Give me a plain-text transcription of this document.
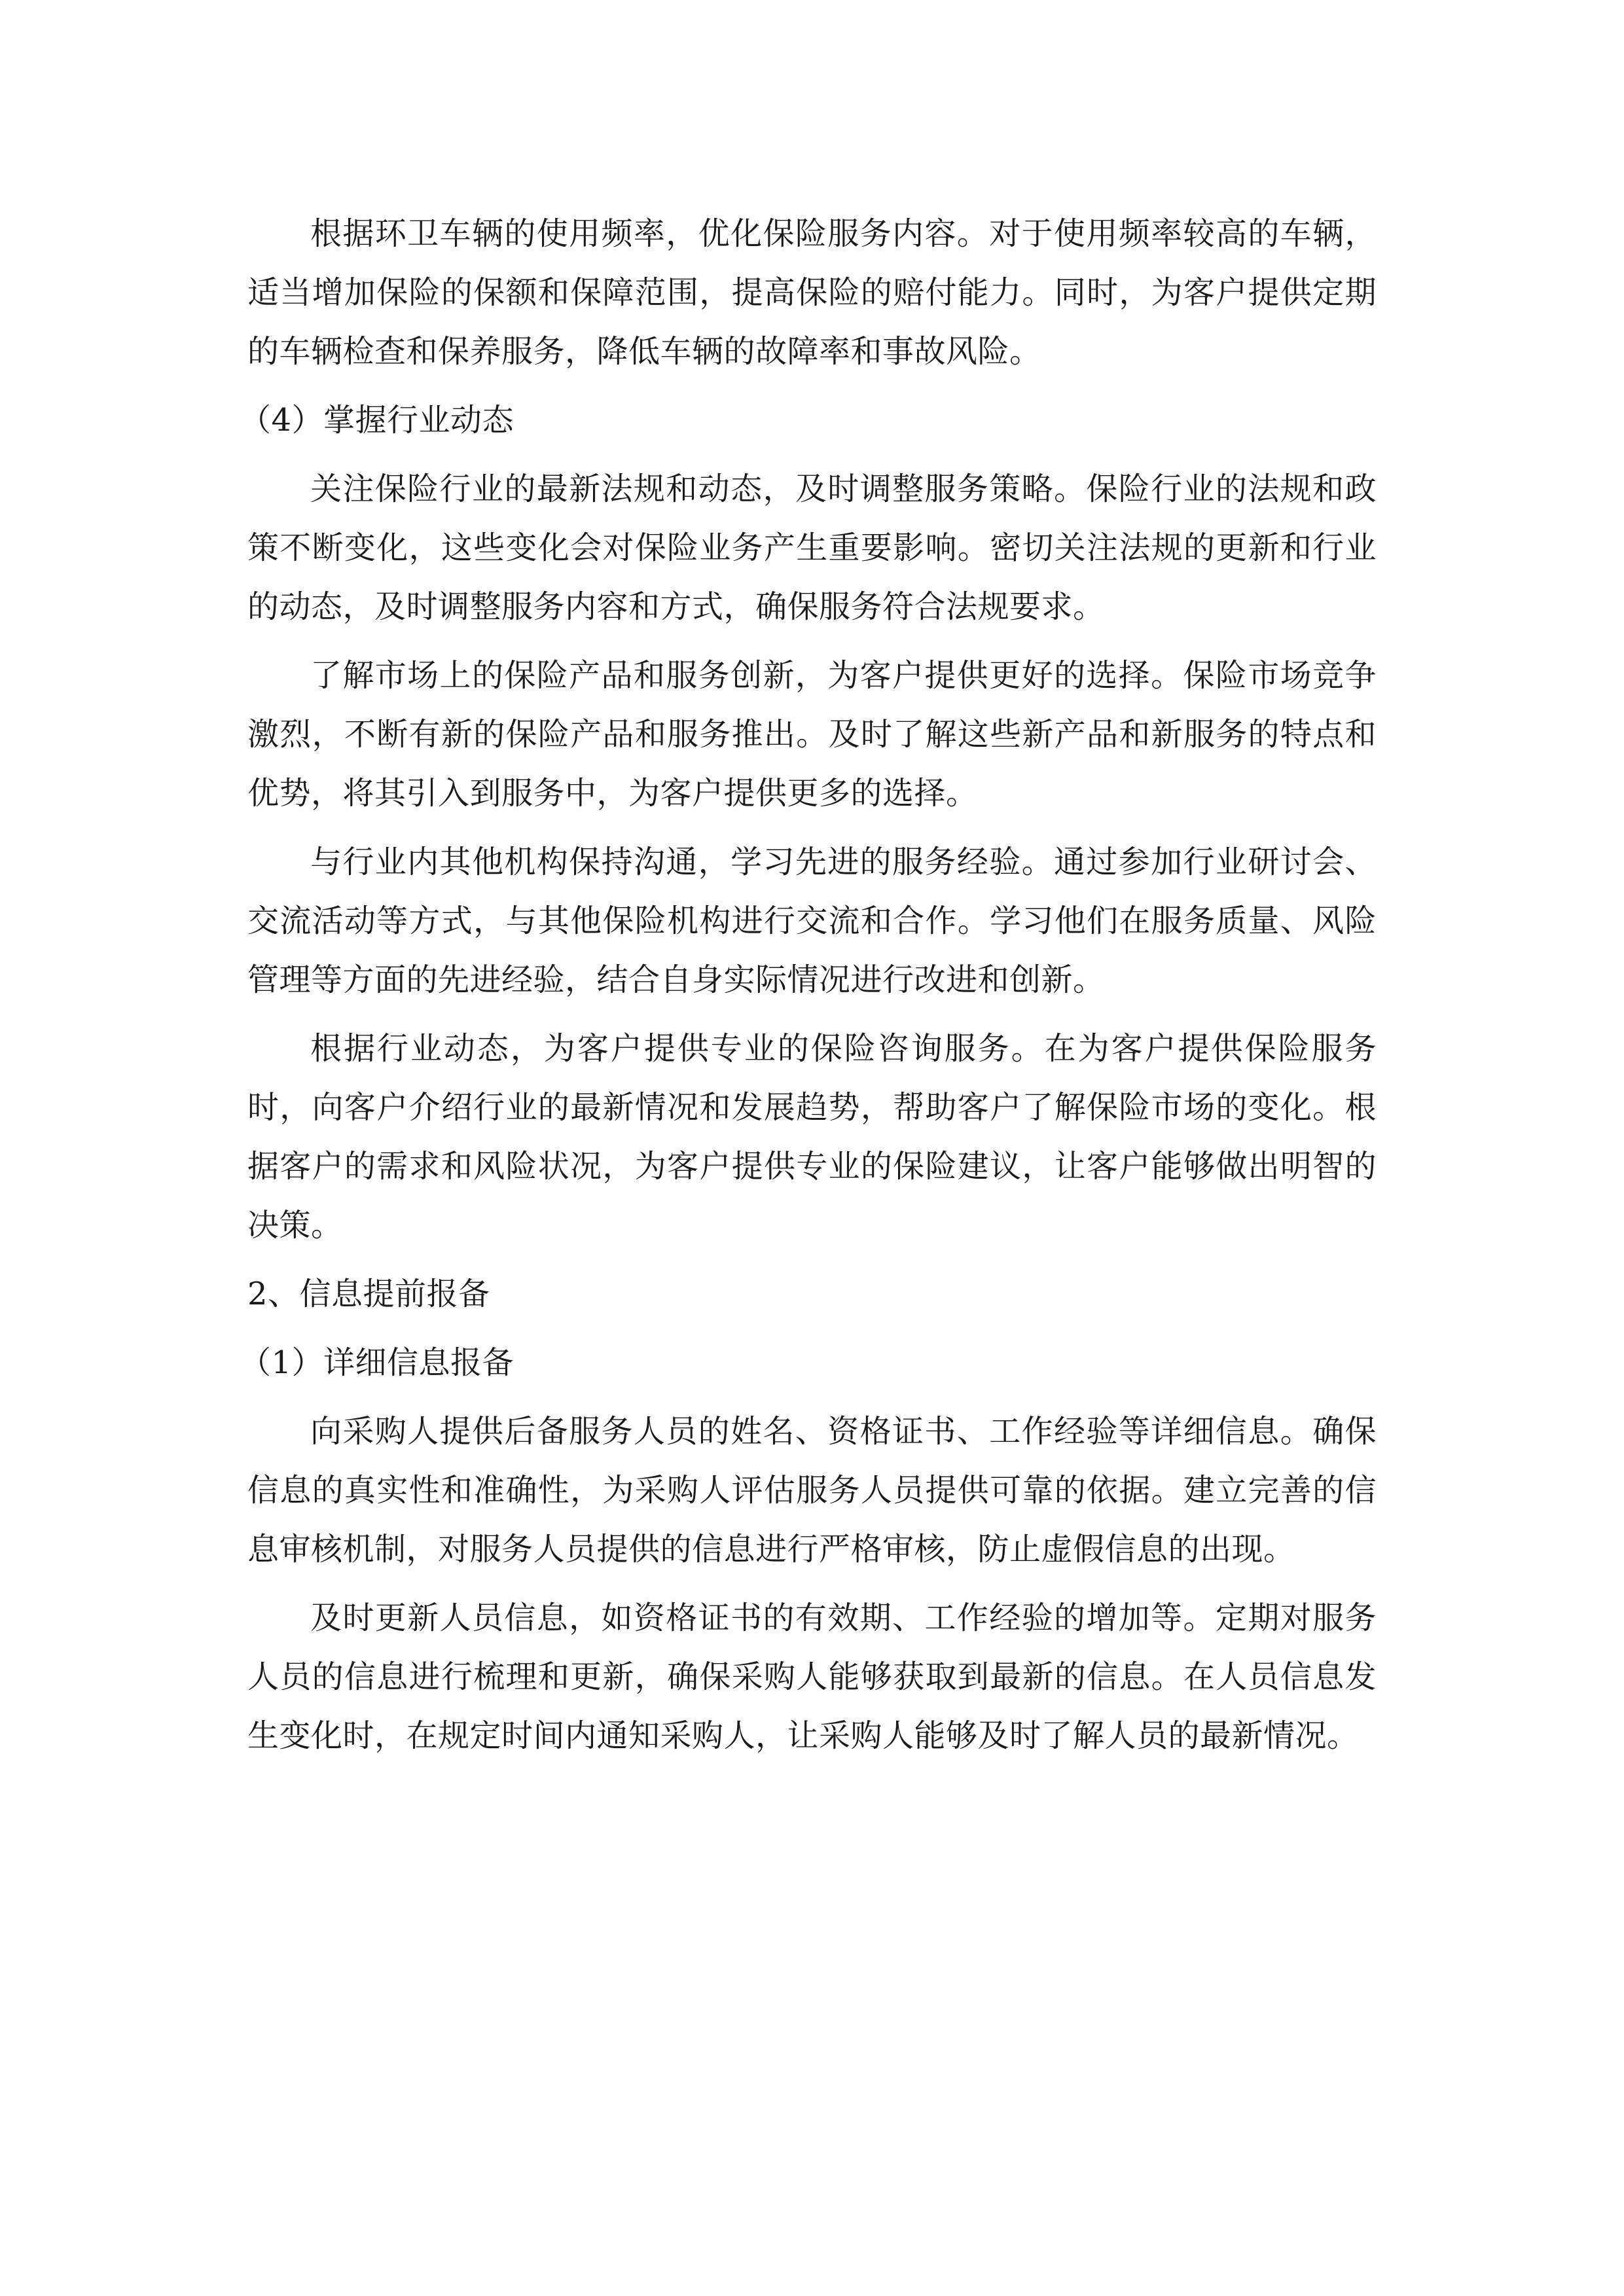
根据环卫车辆的使用频率，优化保险服务内容。对于使用频率较高的车辆，适当增加保险的保额和保障范围，提高保险的赔付能力。同时，为客户提供定期的车辆检查和保养服务，降低车辆的故障率和事故风险。

（4）掌握行业动态

关注保险行业的最新法规和动态，及时调整服务策略。保险行业的法规和政策不断变化，这些变化会对保险业务产生重要影响。密切关注法规的更新和行业的动态，及时调整服务内容和方式，确保服务符合法规要求。

了解市场上的保险产品和服务创新，为客户提供更好的选择。保险市场竞争激烈，不断有新的保险产品和服务推出。及时了解这些新产品和新服务的特点和优势，将其引入到服务中，为客户提供更多的选择。

与行业内其他机构保持沟通，学习先进的服务经验。通过参加行业研讨会、交流活动等方式，与其他保险机构进行交流和合作。学习他们在服务质量、风险管理等方面的先进经验，结合自身实际情况进行改进和创新。

根据行业动态，为客户提供专业的保险咨询服务。在为客户提供保险服务时，向客户介绍行业的最新情况和发展趋势，帮助客户了解保险市场的变化。根据客户的需求和风险状况，为客户提供专业的保险建议，让客户能够做出明智的决策。

2、信息提前报备

（1）详细信息报备

向采购人提供后备服务人员的姓名、资格证书、工作经验等详细信息。确保信息的真实性和准确性，为采购人评估服务人员提供可靠的依据。建立完善的信息审核机制，对服务人员提供的信息进行严格审核，防止虚假信息的出现。

及时更新人员信息，如资格证书的有效期、工作经验的增加等。定期对服务人员的信息进行梳理和更新，确保采购人能够获取到最新的信息。在人员信息发生变化时，在规定时间内通知采购人，让采购人能够及时了解人员的最新情况。
